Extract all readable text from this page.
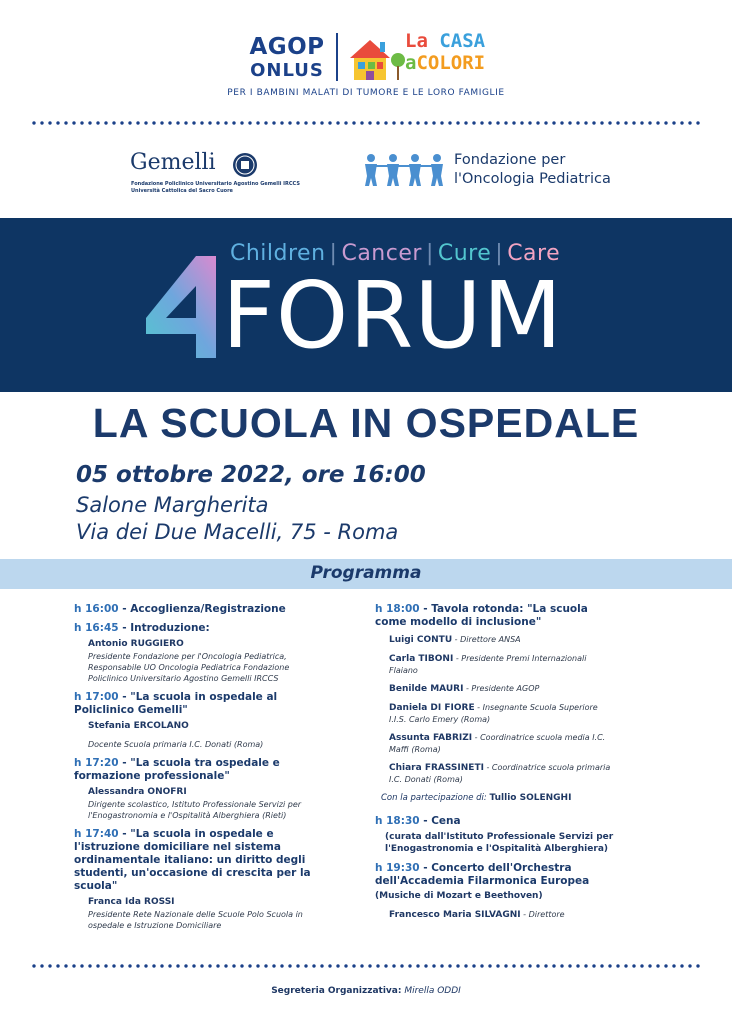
AGOP
ONLUS
La CASA
aCOLORI
PER I BAMBINI MALATI DI TUMORE E LE LORO FAMIGLIE
Gemelli
Fondazione Policlinico Universitario Agostino Gemelli IRCCS
Università Cattolica del Sacro Cuore
Fondazione per
l'Oncologia Pediatrica
Children | Cancer | Cure | Care
4
FORUM
LA SCUOLA IN OSPEDALE
05 ottobre 2022, ore 16:00
Salone Margherita
Via dei Due Macelli, 75 - Roma
Programma
h 16:00 - Accoglienza/Registrazione
h 16:45 - Introduzione:
Antonio RUGGIERO
Presidente Fondazione per l'Oncologia Pediatrica, Responsabile UO Oncologia Pediatrica Fondazione Policlinico Universitario Agostino Gemelli IRCCS
h 17:00 - "La scuola in ospedale al Policlinico Gemelli"
Stefania ERCOLANO
Docente Scuola primaria I.C. Donati (Roma)
h 17:20 - "La scuola tra ospedale e formazione professionale"
Alessandra ONOFRI
Dirigente scolastico, Istituto Professionale Servizi per l'Enogastronomia e l'Ospitalità Alberghiera (Rieti)
h 17:40 - "La scuola in ospedale e l'istruzione domiciliare nel sistema ordinamentale italiano: un diritto degli studenti, un'occasione di crescita per la scuola"
Franca Ida ROSSI
Presidente Rete Nazionale delle Scuole Polo Scuola in ospedale e Istruzione Domiciliare
h 18:00 - Tavola rotonda: "La scuola come modello di inclusione"
Luigi CONTU - Direttore ANSA
Carla TIBONI - Presidente Premi Internazionali Flaiano
Benilde MAURI - Presidente AGOP
Daniela DI FIORE - Insegnante Scuola Superiore I.I.S. Carlo Emery (Roma)
Assunta FABRIZI - Coordinatrice scuola media I.C. Maffi (Roma)
Chiara FRASSINETI - Coordinatrice scuola primaria I.C. Donati (Roma)
Con la partecipazione di: Tullio SOLENGHI
h 18:30 - Cena
(curata dall'Istituto Professionale Servizi per l'Enogastronomia e l'Ospitalità Alberghiera)
h 19:30 - Concerto dell'Orchestra dell'Accademia Filarmonica Europea
(Musiche di Mozart e Beethoven)
Francesco Maria SILVAGNI - Direttore
Segreteria Organizzativa: Mirella ODDI
